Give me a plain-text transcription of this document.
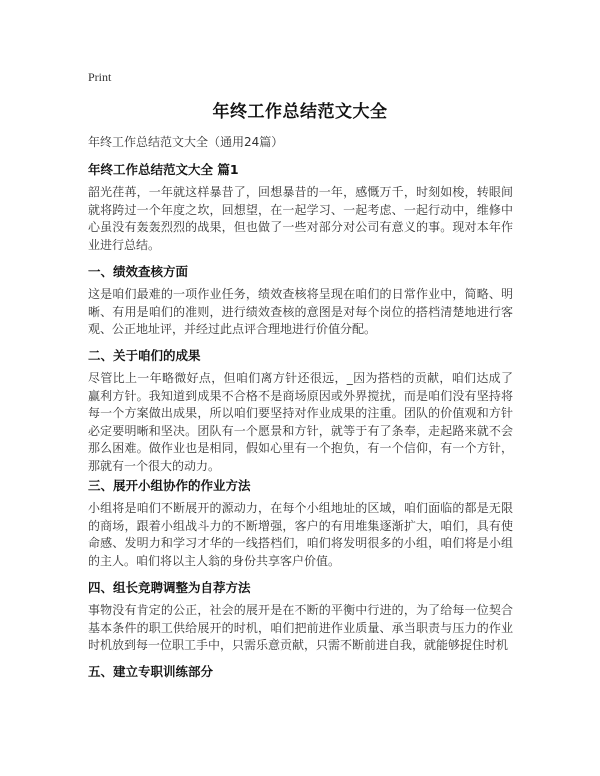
Print
年终工作总结范文大全
年终工作总结范文大全（通用24篇）
年终工作总结范文大全 篇1

韶光荏苒，一年就这样暴昔了，回想暴昔的一年，感慨万千，时刻如梭，转眼间就将跨过一个年度之坎，回想望，在一起学习、一起考虑、一起行动中，维修中心虽没有轰轰烈烈的战果，但也做了一些对部分对公司有意义的事。现对本年作业进行总结。

一、绩效查核方面

这是咱们最难的一项作业任务，绩效查核将呈现在咱们的日常作业中，简略、明晰、有用是咱们的准则，进行绩效查核的意图是对每个岗位的搭档清楚地进行客观、公正地址评，并经过此点评合理地进行价值分配。

二、关于咱们的成果

尽管比上一年略微好点，但咱们离方针还很远，_因为搭档的贡献，咱们达成了赢利方针。我知道到成果不合格不是商场原因或外界搅扰，而是咱们没有坚持将每一个方案做出成果，所以咱们要坚持对作业成果的注重。团队的价值观和方针必定要明晰和坚决。团队有一个愿景和方针，就等于有了条奉，走起路来就不会那么困难。做作业也是相同，假如心里有一个抱负，有一个信仰，有一个方针，那就有一个很大的动力。

三、展开小组协作的作业方法

小组将是咱们不断展开的源动力，在每个小组地址的区域，咱们面临的都是无限的商场，跟着小组战斗力的不断增强，客户的有用堆集逐渐扩大，咱们，具有使命感、发明力和学习才华的一线搭档们，咱们将发明很多的小组，咱们将是小组的主人。咱们将以主人翁的身份共享客户价值。

四、组长竞聘调整为自荐方法

事物没有肯定的公正，社会的展开是在不断的平衡中行进的，为了给每一位契合基本条件的职工供给展开的时机，咱们把前进作业质量、承当职责与压力的作业时机放到每一位职工手中，只需乐意贡献，只需不断前进自我，就能够捉住时机

五、建立专职训练部分
